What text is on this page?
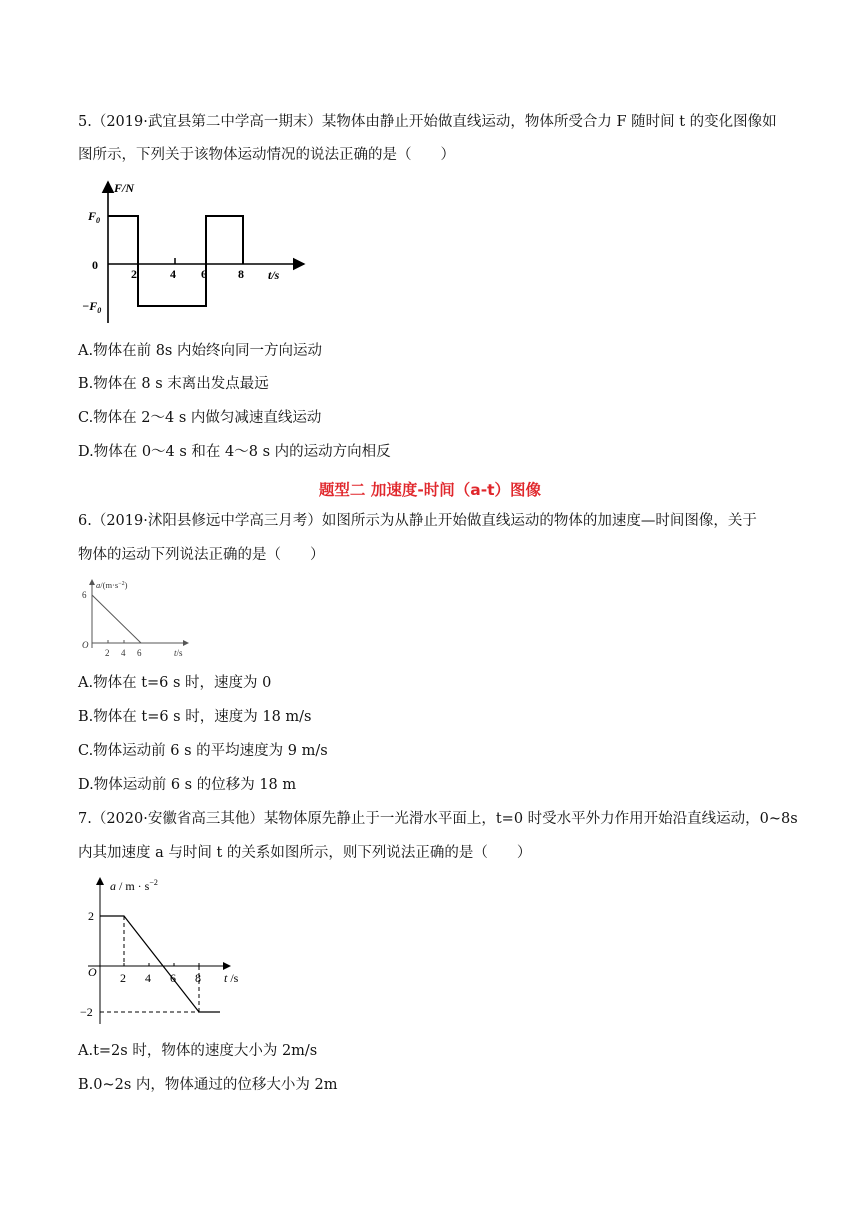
5.（2019·武宜县第二中学高一期末）某物体由静止开始做直线运动，物体所受合力 F 随时间 t 的变化图像如
图所示，下列关于该物体运动情况的说法正确的是（　　）
F/N
$F_0$
0
$-F_0$
2	4 6	8 t/s
A.物体在前 8s 内始终向同一方向运动
B.物体在 8 s 末离出发点最远
C.物体在 2～4 s 内做匀减速直线运动
D.物体在 0～4 s 和在 4～8 s 内的运动方向相反
题型二 加速度-时间（a-t）图像
6.（2019·沭阳县修远中学高三月考）如图所示为从静止开始做直线运动的物体的加速度—时间图像，关于
物体的运动下列说法正确的是（　　）
$a/(m\cdot s^{-2})$
6
O
2 4 6	t/s
A.物体在 t=6 s 时，速度为 0
B.物体在 t=6 s 时，速度为 18 m/s
C.物体运动前 6 s 的平均速度为 9 m/s
D.物体运动前 6 s 的位移为 18 m
7.（2020·安徽省高三其他）某物体原先静止于一光滑水平面上，t=0 时受水平外力作用开始沿直线运动，0~8s
内其加速度 a 与时间 t 的关系如图所示，则下列说法正确的是（　　）
$a / m \cdot s^{-2}$
2
O 2 4 6 8 t /s
−2
A.t=2s 时，物体的速度大小为 2m/s
B.0~2s 内，物体通过的位移大小为 2m
